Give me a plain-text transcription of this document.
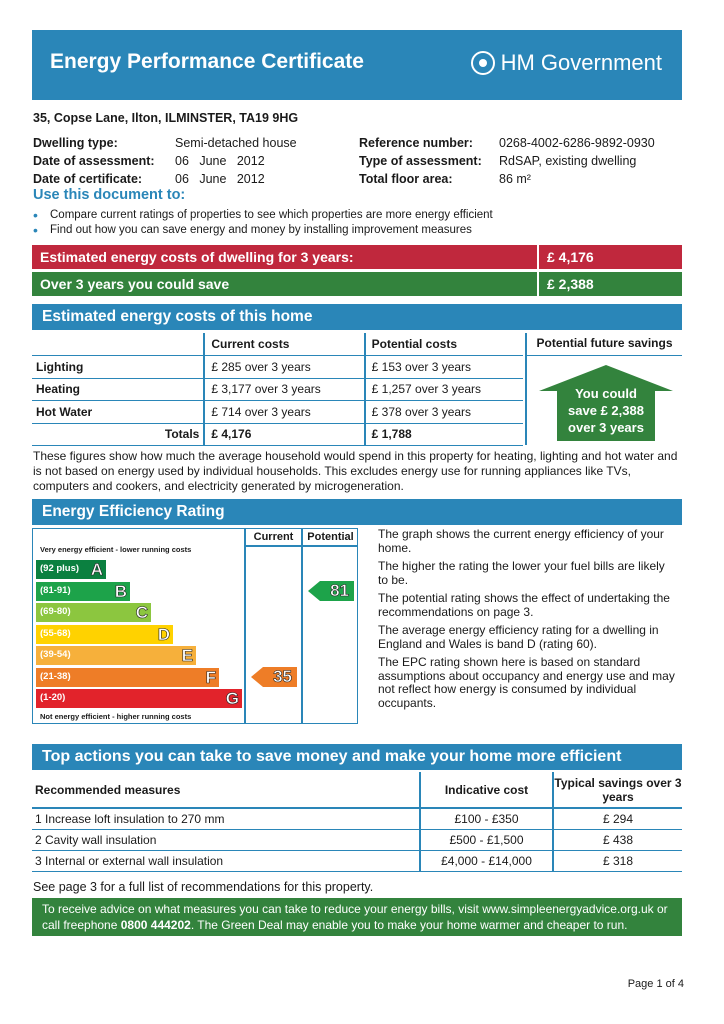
Energy Performance Certificate	HM Government
35, Copse Lane, Ilton, ILMINSTER, TA19 9HG
Dwelling type:	Semi-detached house	Reference number:	0268-4002-6286-9892-0930
Date of assessment:	06   June   2012	Type of assessment:	RdSAP, existing dwelling
Date of certificate:	06   June   2012	Total floor area:	86 m²
Use this document to:
• Compare current ratings of properties to see which properties are more energy efficient
• Find out how you can save energy and money by installing improvement measures
Estimated energy costs of dwelling for 3 years:	£ 4,176
Over 3 years you could save	£ 2,388
Estimated energy costs of this home
	Current costs	Potential costs
Lighting	£ 285 over 3 years	£ 153 over 3 years
Heating	£ 3,177 over 3 years	£ 1,257 over 3 years
Hot Water	£ 714 over 3 years	£ 378 over 3 years
Totals	£ 4,176	£ 1,788
Potential future savings
You could
save £ 2,388
over 3 years
These figures show how much the average household would spend in this property for heating, lighting and hot water and is not based on energy used by individual households. This excludes energy use for running appliances like TVs, computers and cookers, and electricity generated by microgeneration.
Energy Efficiency Rating
Current	Potential
Very energy efficient - lower running costs
Not energy efficient - higher running costs
(92 plus) A
(81-91)	B
(69-80)	C
(55-68)	D
(39-54)	E
(21-38)	F
(1-20)	G
35
81

The graph shows the current energy efficiency of your home.

The higher the rating the lower your fuel bills are likely to be.

The potential rating shows the effect of undertaking the recommendations on page 3.

The average energy efficiency rating for a dwelling in England and Wales is band D (rating 60).

The EPC rating shown here is based on standard assumptions about occupancy and energy use and may not reflect how energy is consumed by individual occupants.

Top actions you can take to save money and make your home more efficient
Recommended measures	Indicative cost	Typical savings over 3 years
1 Increase loft insulation to 270 mm	£100 - £350	£ 294
2 Cavity wall insulation	£500 - £1,500	£ 438
3 Internal or external wall insulation	£4,000 - £14,000	£ 318
See page 3 for a full list of recommendations for this property.
To receive advice on what measures you can take to reduce your energy bills, visit www.simpleenergyadvice.org.uk or call freephone 0800 444202. The Green Deal may enable you to make your home warmer and cheaper to run.
Page 1 of 4
